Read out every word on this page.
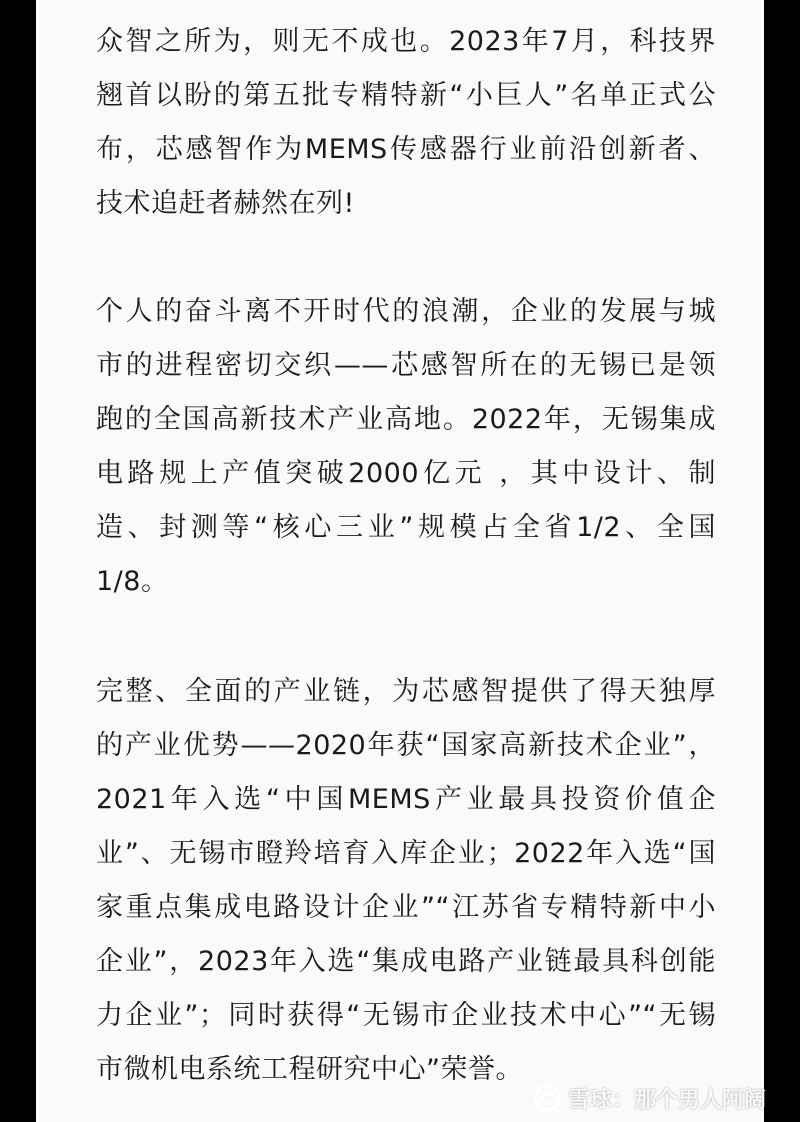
众智之所为，则无不成也。2023年7月，科技界
翘首以盼的第五批专精特新“小巨人”名单正式公
布，芯感智作为MEMS传感器行业前沿创新者、
技术追赶者赫然在列!
个人的奋斗离不开时代的浪潮，企业的发展与城
市的进程密切交织——芯感智所在的无锡已是领
跑的全国高新技术产业高地。2022年，无锡集成
电路规上产值突破2000亿元 ，其中设计、制
造、封测等“核心三业”规模占全省1/2、全国
1/8。
完整、全面的产业链，为芯感智提供了得天独厚
的产业优势——2020年获“国家高新技术企业”，
2021年入选“中国MEMS产业最具投资价值企
业”、无锡市瞪羚培育入库企业；2022年入选“国
家重点集成电路设计企业”“江苏省专精特新中小
企业”，2023年入选“集成电路产业链最具科创能
力企业”；同时获得“无锡市企业技术中心”“无锡
市微机电系统工程研究中心”荣誉。
雪球：那个男人阿阔
